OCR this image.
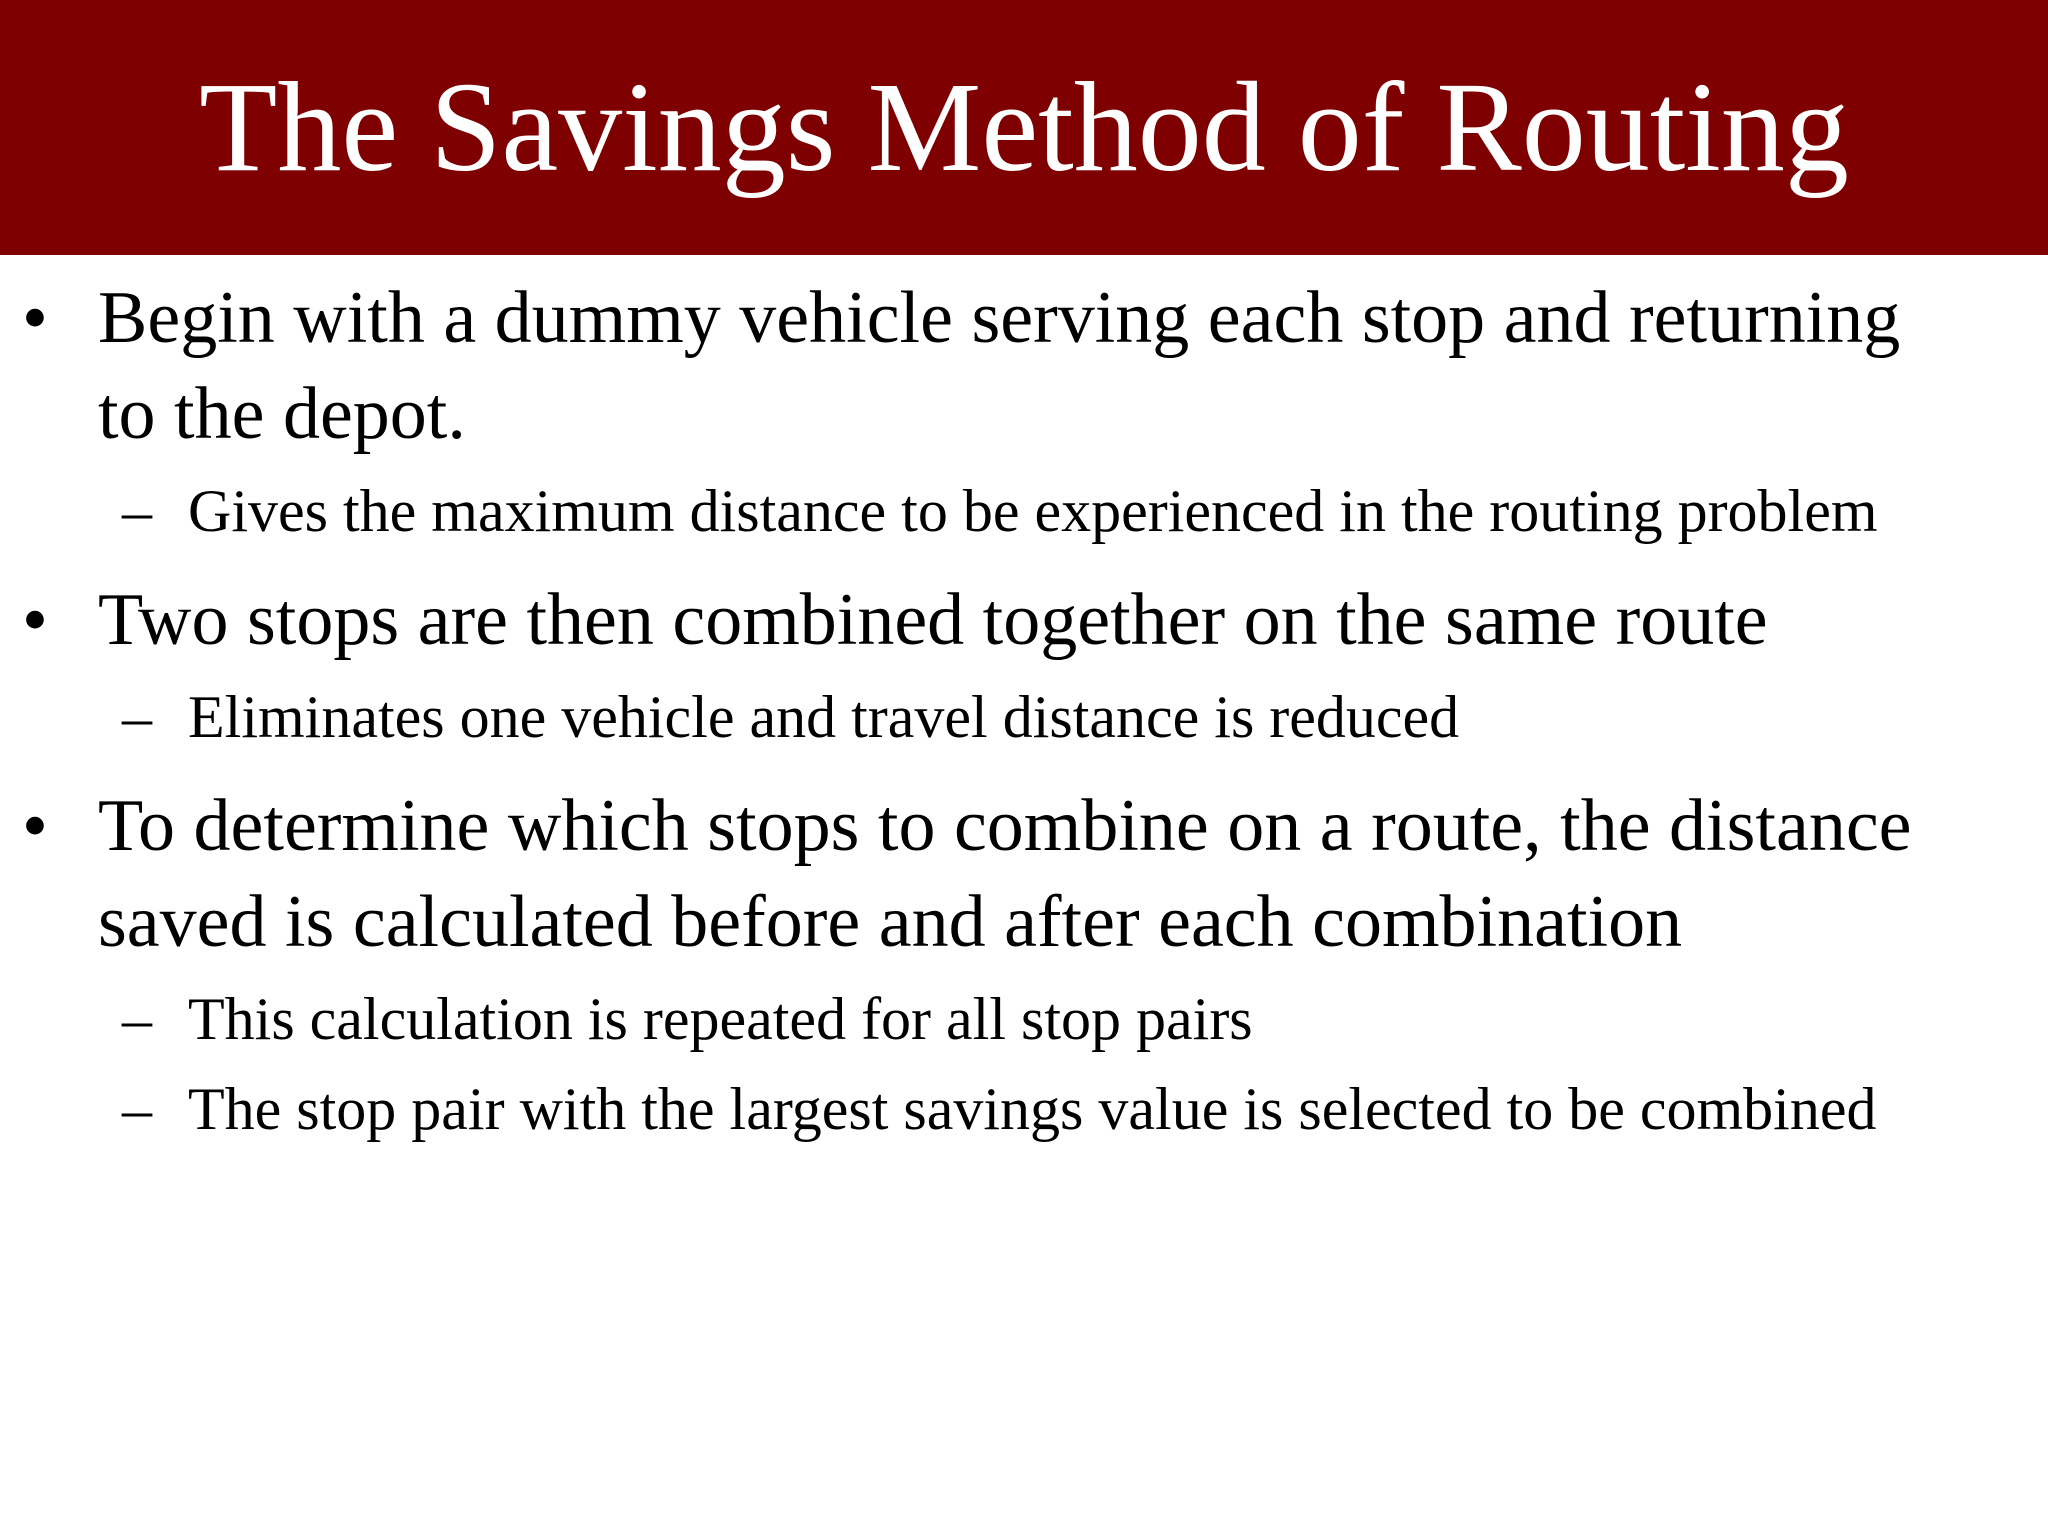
The Savings Method of Routing
• Begin with a dummy vehicle serving each stop and returning to the depot.
– Gives the maximum distance to be experienced in the routing problem
• Two stops are then combined together on the same route
– Eliminates one vehicle and travel distance is reduced
• To determine which stops to combine on a route, the distance saved is calculated before and after each combination
– This calculation is repeated for all stop pairs
– The stop pair with the largest savings value is selected to be combined
